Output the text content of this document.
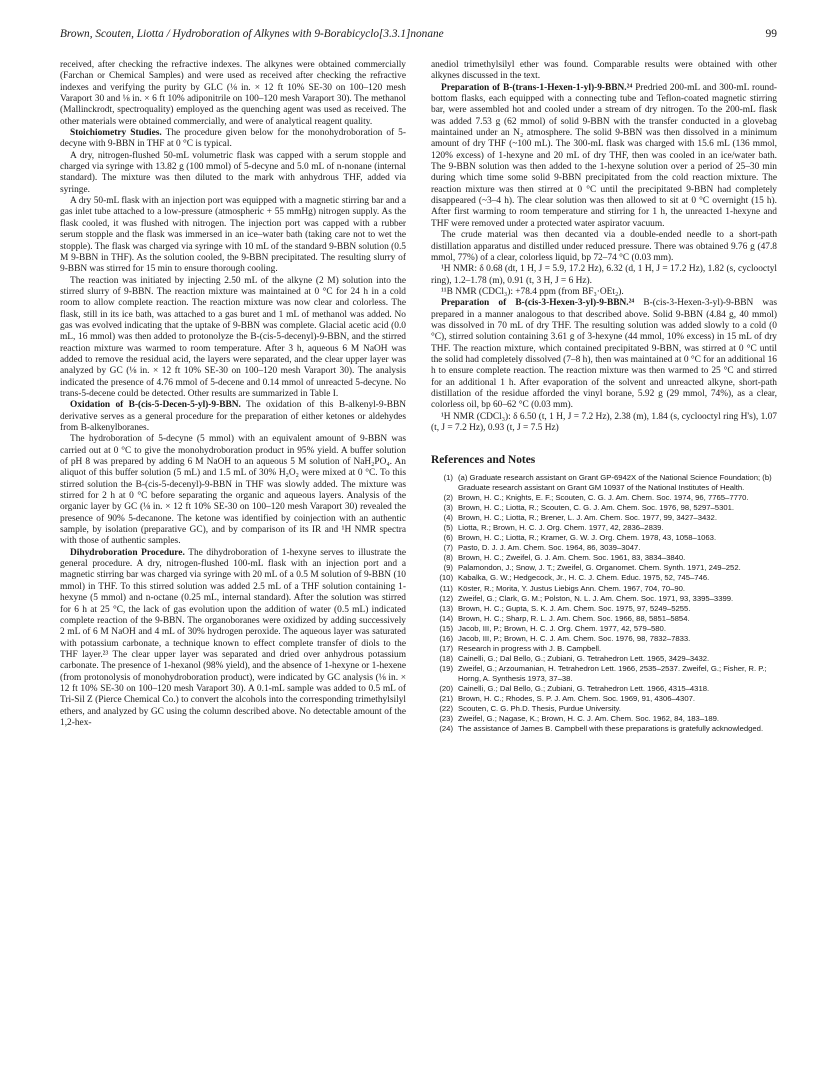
Brown, Scouten, Liotta / Hydroboration of Alkynes with 9-Borabicyclo[3.3.1]nonane	99

received, after checking the refractive indexes. The alkynes were obtained commercially (Farchan or Chemical Samples) and were used as received after checking the refractive indexes and verifying the purity by GLC (⅛ in. × 12 ft 10% SE-30 on 100–120 mesh Varaport 30 and ⅛ in. × 6 ft 10% adiponitrile on 100–120 mesh Varaport 30). The methanol (Mallinckrodt, spectroquality) employed as the quenching agent was used as received. The other materials were obtained commercially, and were of analytical reagent quality.

Stoichiometry Studies. The procedure given below for the monohydroboration of 5-decyne with 9-BBN in THF at 0 °C is typical.

A dry, nitrogen-flushed 50-mL volumetric flask was capped with a serum stopple and charged via syringe with 13.82 g (100 mmol) of 5-decyne and 5.0 mL of n-nonane (internal standard). The mixture was then diluted to the mark with anhydrous THF, added via syringe.

A dry 50-mL flask with an injection port was equipped with a magnetic stirring bar and a gas inlet tube attached to a low-pressure (atmospheric + 55 mmHg) nitrogen supply. As the flask cooled, it was flushed with nitrogen. The injection port was capped with a rubber serum stopple and the flask was immersed in an ice–water bath (taking care not to wet the stopple). The flask was charged via syringe with 10 mL of the standard 9-BBN solution (0.5 M 9-BBN in THF). As the solution cooled, the 9-BBN precipitated. The resulting slurry of 9-BBN was stirred for 15 min to ensure thorough cooling.

The reaction was initiated by injecting 2.50 mL of the alkyne (2 M) solution into the stirred slurry of 9-BBN. The reaction mixture was maintained at 0 °C for 24 h in a cold room to allow complete reaction. The reaction mixture was now clear and colorless. The flask, still in its ice bath, was attached to a gas buret and 1 mL of methanol was added. No gas was evolved indicating that the uptake of 9-BBN was complete. Glacial acetic acid (0.0 mL, 16 mmol) was then added to protonolyze the B-(cis-5-decenyl)-9-BBN, and the stirred reaction mixture was warmed to room temperature. After 3 h, aqueous 6 M NaOH was added to remove the residual acid, the layers were separated, and the clear upper layer was analyzed by GC (⅛ in. × 12 ft 10% SE-30 on 100–120 mesh Varaport 30). The analysis indicated the presence of 4.76 mmol of 5-decene and 0.14 mmol of unreacted 5-decyne. No trans-5-decene could be detected. Other results are summarized in Table I.

Oxidation of B-(cis-5-Decen-5-yl)-9-BBN. The oxidation of this B-alkenyl-9-BBN derivative serves as a general procedure for the preparation of either ketones or aldehydes from B-alkenylboranes.

The hydroboration of 5-decyne (5 mmol) with an equivalent amount of 9-BBN was carried out at 0 °C to give the monohydroboration product in 95% yield. A buffer solution of pH 8 was prepared by adding 6 M NaOH to an aqueous 5 M solution of NaH₂PO₄. An aliquot of this buffer solution (5 mL) and 1.5 mL of 30% H₂O₂ were mixed at 0 °C. To this stirred solution the B-(cis-5-decenyl)-9-BBN in THF was slowly added. The mixture was stirred for 2 h at 0 °C before separating the organic and aqueous layers. Analysis of the organic layer by GC (⅛ in. × 12 ft 10% SE-30 on 100–120 mesh Varaport 30) revealed the presence of 90% 5-decanone. The ketone was identified by coinjection with an authentic sample, by isolation (preparative GC), and by comparison of its IR and ¹H NMR spectra with those of authentic samples.

Dihydroboration Procedure. The dihydroboration of 1-hexyne serves to illustrate the general procedure. A dry, nitrogen-flushed 100-mL flask with an injection port and a magnetic stirring bar was charged via syringe with 20 mL of a 0.5 M solution of 9-BBN (10 mmol) in THF. To this stirred solution was added 2.5 mL of a THF solution containing 1-hexyne (5 mmol) and n-octane (0.25 mL, internal standard). After the solution was stirred for 6 h at 25 °C, the lack of gas evolution upon the addition of water (0.5 mL) indicated complete reaction of the 9-BBN. The organoboranes were oxidized by adding successively 2 mL of 6 M NaOH and 4 mL of 30% hydrogen peroxide. The aqueous layer was saturated with potassium carbonate, a technique known to effect complete transfer of diols to the THF layer.²³ The clear upper layer was separated and dried over anhydrous potassium carbonate. The presence of 1-hexanol (98% yield), and the absence of 1-hexyne or 1-hexene (from protonolysis of monohydroboration product), were indicated by GC analysis (⅛ in. × 12 ft 10% SE-30 on 100–120 mesh Varaport 30). A 0.1-mL sample was added to 0.5 mL of Tri-Sil Z (Pierce Chemical Co.) to convert the alcohols into the corresponding trimethylsilyl ethers, and analyzed by GC using the column described above. No detectable amount of the 1,2-hex-

anediol trimethylsilyl ether was found. Comparable results were obtained with other alkynes discussed in the text.

Preparation of B-(trans-1-Hexen-1-yl)-9-BBN.²⁴ Predried 200-mL and 300-mL round-bottom flasks, each equipped with a connecting tube and Teflon-coated magnetic stirring bar, were assembled hot and cooled under a stream of dry nitrogen. To the 200-mL flask was added 7.53 g (62 mmol) of solid 9-BBN with the transfer conducted in a glovebag maintained under an N₂ atmosphere. The solid 9-BBN was then dissolved in a minimum amount of dry THF (~100 mL). The 300-mL flask was charged with 15.6 mL (136 mmol, 120% excess) of 1-hexyne and 20 mL of dry THF, then was cooled in an ice/water bath. The 9-BBN solution was then added to the 1-hexyne solution over a period of 25–30 min during which time some solid 9-BBN precipitated from the cold reaction mixture. The reaction mixture was then stirred at 0 °C until the precipitated 9-BBN had completely disappeared (~3–4 h). The clear solution was then allowed to sit at 0 °C overnight (15 h). After first warming to room temperature and stirring for 1 h, the unreacted 1-hexyne and THF were removed under a protected water aspirator vacuum.

The crude material was then decanted via a double-ended needle to a short-path distillation apparatus and distilled under reduced pressure. There was obtained 9.76 g (47.8 mmol, 77%) of a clear, colorless liquid, bp 72–74 °C (0.03 mm).

¹H NMR: δ 0.68 (dt, 1 H, J = 5.9, 17.2 Hz), 6.32 (d, 1 H, J = 17.2 Hz), 1.82 (s, cyclooctyl ring), 1.2–1.78 (m), 0.91 (t, 3 H, J = 6 Hz).

¹¹B NMR (CDCl₃): +78.4 ppm (from BF₃·OEt₂).

Preparation of B-(cis-3-Hexen-3-yl)-9-BBN.²⁴ B-(cis-3-Hexen-3-yl)-9-BBN was prepared in a manner analogous to that described above. Solid 9-BBN (4.84 g, 40 mmol) was dissolved in 70 mL of dry THF. The resulting solution was added slowly to a cold (0 °C), stirred solution containing 3.61 g of 3-hexyne (44 mmol, 10% excess) in 15 mL of dry THF. The reaction mixture, which contained precipitated 9-BBN, was stirred at 0 °C until the solid had completely dissolved (7–8 h), then was maintained at 0 °C for an additional 16 h to ensure complete reaction. The reaction mixture was then warmed to 25 °C and stirred for an additional 1 h. After evaporation of the solvent and unreacted alkyne, short-path distillation of the residue afforded the vinyl borane, 5.92 g (29 mmol, 74%), as a clear, colorless oil, bp 60–62 °C (0.03 mm).

¹H NMR (CDCl₃): δ 6.50 (t, 1 H, J = 7.2 Hz), 2.38 (m), 1.84 (s, cyclooctyl ring H's), 1.07 (t, J = 7.2 Hz), 0.93 (t, J = 7.5 Hz)

References and Notes
(1) (a) Graduate research assistant on Grant GP-6942X of the National Science Foundation; (b) Graduate research assistant on Grant GM 10937 of the National Institutes of Health.
(2) Brown, H. C.; Knights, E. F.; Scouten, C. G. J. Am. Chem. Soc. 1974, 96, 7765–7770.
(3) Brown, H. C.; Liotta, R.; Scouten, C. G. J. Am. Chem. Soc. 1976, 98, 5297–5301.
(4) Brown, H. C.; Liotta, R.; Brener, L. J. Am. Chem. Soc. 1977, 99, 3427–3432.
(5) Liotta, R.; Brown, H. C. J. Org. Chem. 1977, 42, 2836–2839.
(6) Brown, H. C.; Liotta, R.; Kramer, G. W. J. Org. Chem. 1978, 43, 1058–1063.
(7) Pasto, D. J. J. Am. Chem. Soc. 1964, 86, 3039–3047.
(8) Brown, H. C.; Zweifel, G. J. Am. Chem. Soc. 1961, 83, 3834–3840.
(9) Palamondon, J.; Snow, J. T.; Zweifel, G. Organomet. Chem. Synth. 1971, 249–252.
(10) Kabalka, G. W.; Hedgecock, Jr., H. C. J. Chem. Educ. 1975, 52, 745–746.
(11) Köster, R.; Morita, Y. Justus Liebigs Ann. Chem. 1967, 704, 70–90.
(12) Zweifel, G.; Clark, G. M.; Polston, N. L. J. Am. Chem. Soc. 1971, 93, 3395–3399.
(13) Brown, H. C.; Gupta, S. K. J. Am. Chem. Soc. 1975, 97, 5249–5255.
(14) Brown, H. C.; Sharp, R. L. J. Am. Chem. Soc. 1966, 88, 5851–5854.
(15) Jacob, III, P.; Brown, H. C. J. Org. Chem. 1977, 42, 579–580.
(16) Jacob, III, P.; Brown, H. C. J. Am. Chem. Soc. 1976, 98, 7832–7833.
(17) Research in progress with J. B. Campbell.
(18) Cainelli, G.; Dal Bello, G.; Zubiani, G. Tetrahedron Lett. 1965, 3429–3432.
(19) Zweifel, G.; Arzoumanian, H. Tetrahedron Lett. 1966, 2535–2537. Zweifel, G.; Fisher, R. P.; Horng, A. Synthesis 1973, 37–38.
(20) Cainelli, G.; Dal Bello, G.; Zubiani, G. Tetrahedron Lett. 1966, 4315–4318.
(21) Brown, H. C.; Rhodes, S. P. J. Am. Chem. Soc. 1969, 91, 4306–4307.
(22) Scouten, C. G. Ph.D. Thesis, Purdue University.
(23) Zweifel, G.; Nagase, K.; Brown, H. C. J. Am. Chem. Soc. 1962, 84, 183–189.
(24) The assistance of James B. Campbell with these preparations is gratefully acknowledged.
